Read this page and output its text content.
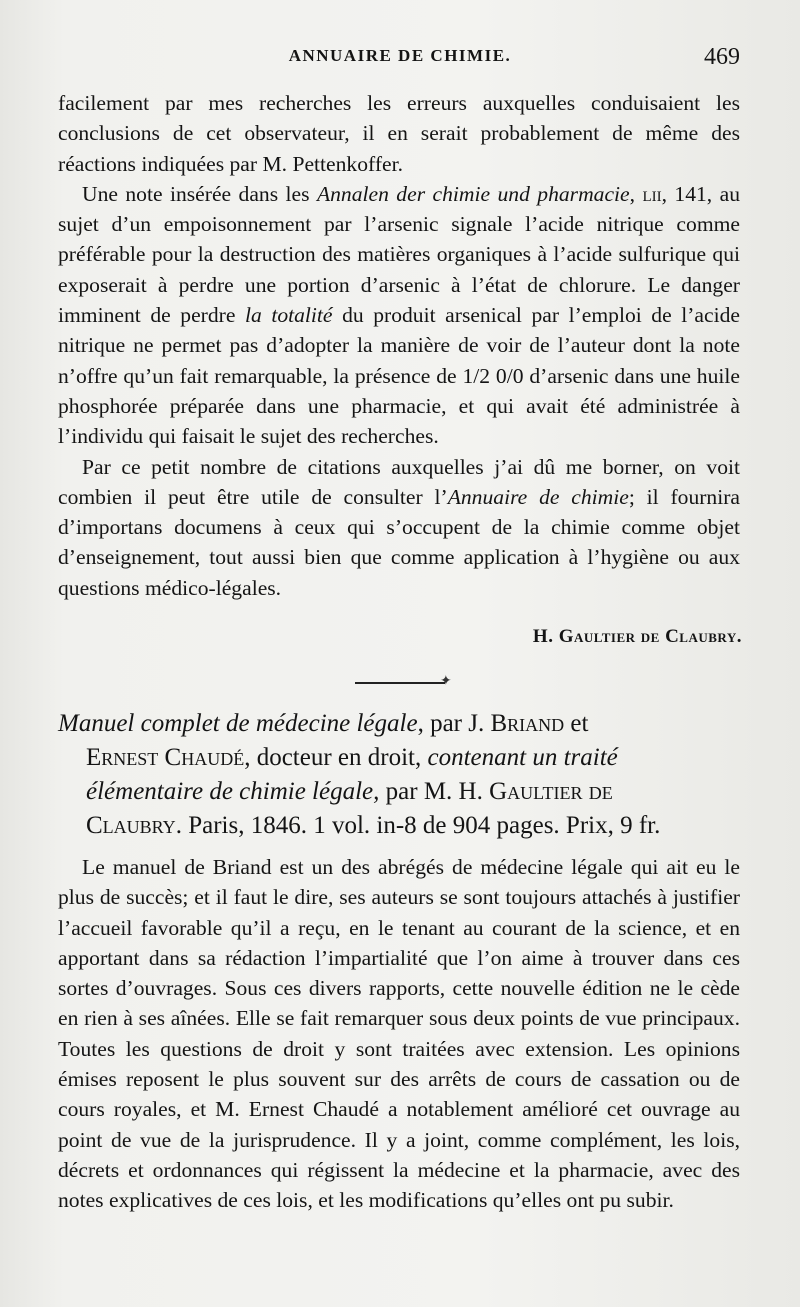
ANNUAIRE DE CHIMIE.	469

facilement par mes recherches les erreurs auxquelles conduisaient les conclusions de cet observateur, il en serait probablement de même des réactions indiquées par M. Pettenkoffer.

Une note insérée dans les Annalen der chimie und pharmacie, lii, 141, au sujet d’un empoisonnement par l’arsenic signale l’acide nitrique comme préférable pour la destruction des matières organiques à l’acide sulfurique qui exposerait à perdre une portion d’arsenic à l’état de chlorure. Le danger imminent de perdre la totalité du produit arsenical par l’emploi de l’acide nitrique ne permet pas d’adopter la manière de voir de l’auteur dont la note n’offre qu’un fait remarquable, la présence de 1/2 0/0 d’arsenic dans une huile phosphorée préparée dans une pharmacie, et qui avait été administrée à l’individu qui faisait le sujet des recherches.

Par ce petit nombre de citations auxquelles j’ai dû me borner, on voit combien il peut être utile de consulter l’Annuaire de chimie; il fournira d’importans documens à ceux qui s’occupent de la chimie comme objet d’enseignement, tout aussi bien que comme application à l’hygiène ou aux questions médico-légales.

H. Gaultier de Claubry.
✦
Manuel complet de médecine légale, par J. Briand et
Ernest Chaudé, docteur en droit, contenant un traité
élémentaire de chimie légale, par M. H. Gaultier de
Claubry. Paris, 1846. 1 vol. in-8 de 904 pages. Prix, 9 fr.

Le manuel de Briand est un des abrégés de médecine légale qui ait eu le plus de succès; et il faut le dire, ses auteurs se sont toujours attachés à justifier l’accueil favorable qu’il a reçu, en le tenant au courant de la science, et en apportant dans sa rédaction l’impartialité que l’on aime à trouver dans ces sortes d’ouvrages. Sous ces divers rapports, cette nouvelle édition ne le cède en rien à ses aînées. Elle se fait remarquer sous deux points de vue principaux. Toutes les questions de droit y sont traitées avec extension. Les opinions émises reposent le plus souvent sur des arrêts de cours de cassation ou de cours royales, et M. Ernest Chaudé a notablement amélioré cet ouvrage au point de vue de la jurisprudence. Il y a joint, comme complément, les lois, décrets et ordonnances qui régissent la médecine et la pharmacie, avec des notes explicatives de ces lois, et les modifications qu’elles ont pu subir.
